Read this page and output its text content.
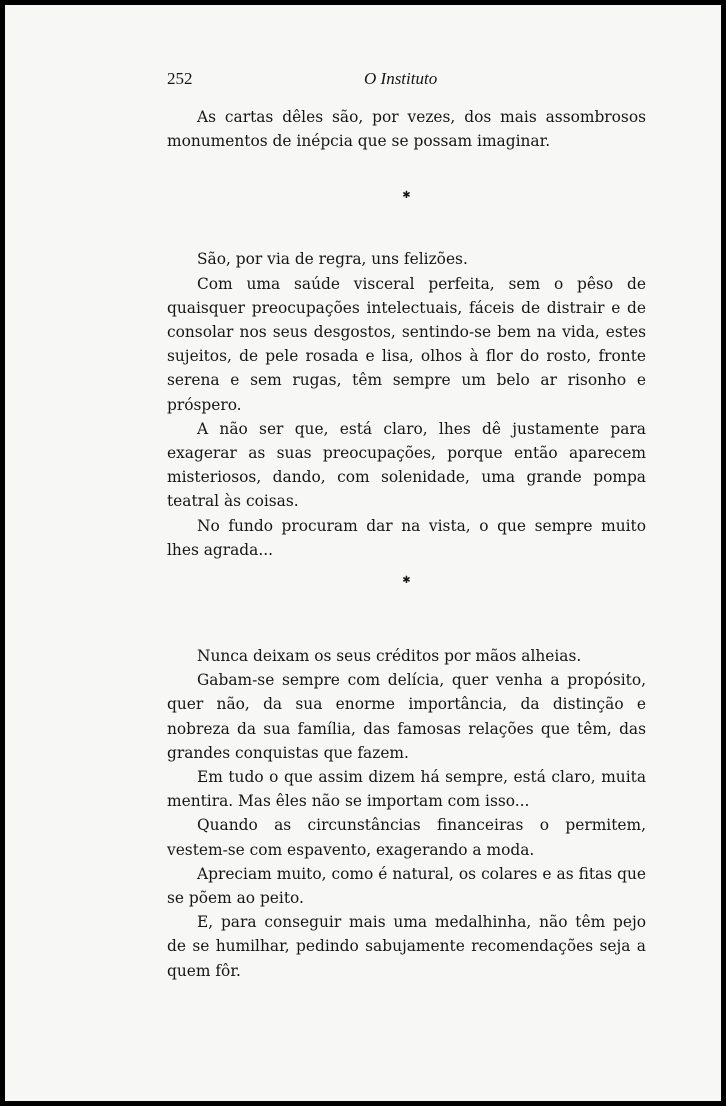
252	O Instituto

As cartas dêles são, por vezes, dos mais assombrosos monumentos de inépcia que se possam imaginar.

✱

São, por via de regra, uns felizões.

Com uma saúde visceral perfeita, sem o pêso de quaisquer preocupações intelectuais, fáceis de distrair e de consolar nos seus desgostos, sentindo-se bem na vida, estes sujeitos, de pele rosada e lisa, olhos à flor do rosto, fronte serena e sem rugas, têm sempre um belo ar risonho e próspero.

A não ser que, está claro, lhes dê justamente para exagerar as suas preocupações, porque então aparecem misteriosos, dando, com solenidade, uma grande pompa teatral às coisas.

No fundo procuram dar na vista, o que sempre muito lhes agrada...

✱

Nunca deixam os seus créditos por mãos alheias.

Gabam-se sempre com delícia, quer venha a propósito, quer não, da sua enorme importância, da distinção e nobreza da sua família, das famosas relações que têm, das grandes conquistas que fazem.

Em tudo o que assim dizem há sempre, está claro, muita mentira. Mas êles não se importam com isso...

Quando as circunstâncias financeiras o permitem, vestem-se com espavento, exagerando a moda.

Apreciam muito, como é natural, os colares e as fitas que se põem ao peito.

E, para conseguir mais uma medalhinha, não têm pejo de se humilhar, pedindo sabujamente recomendações seja a quem fôr.
